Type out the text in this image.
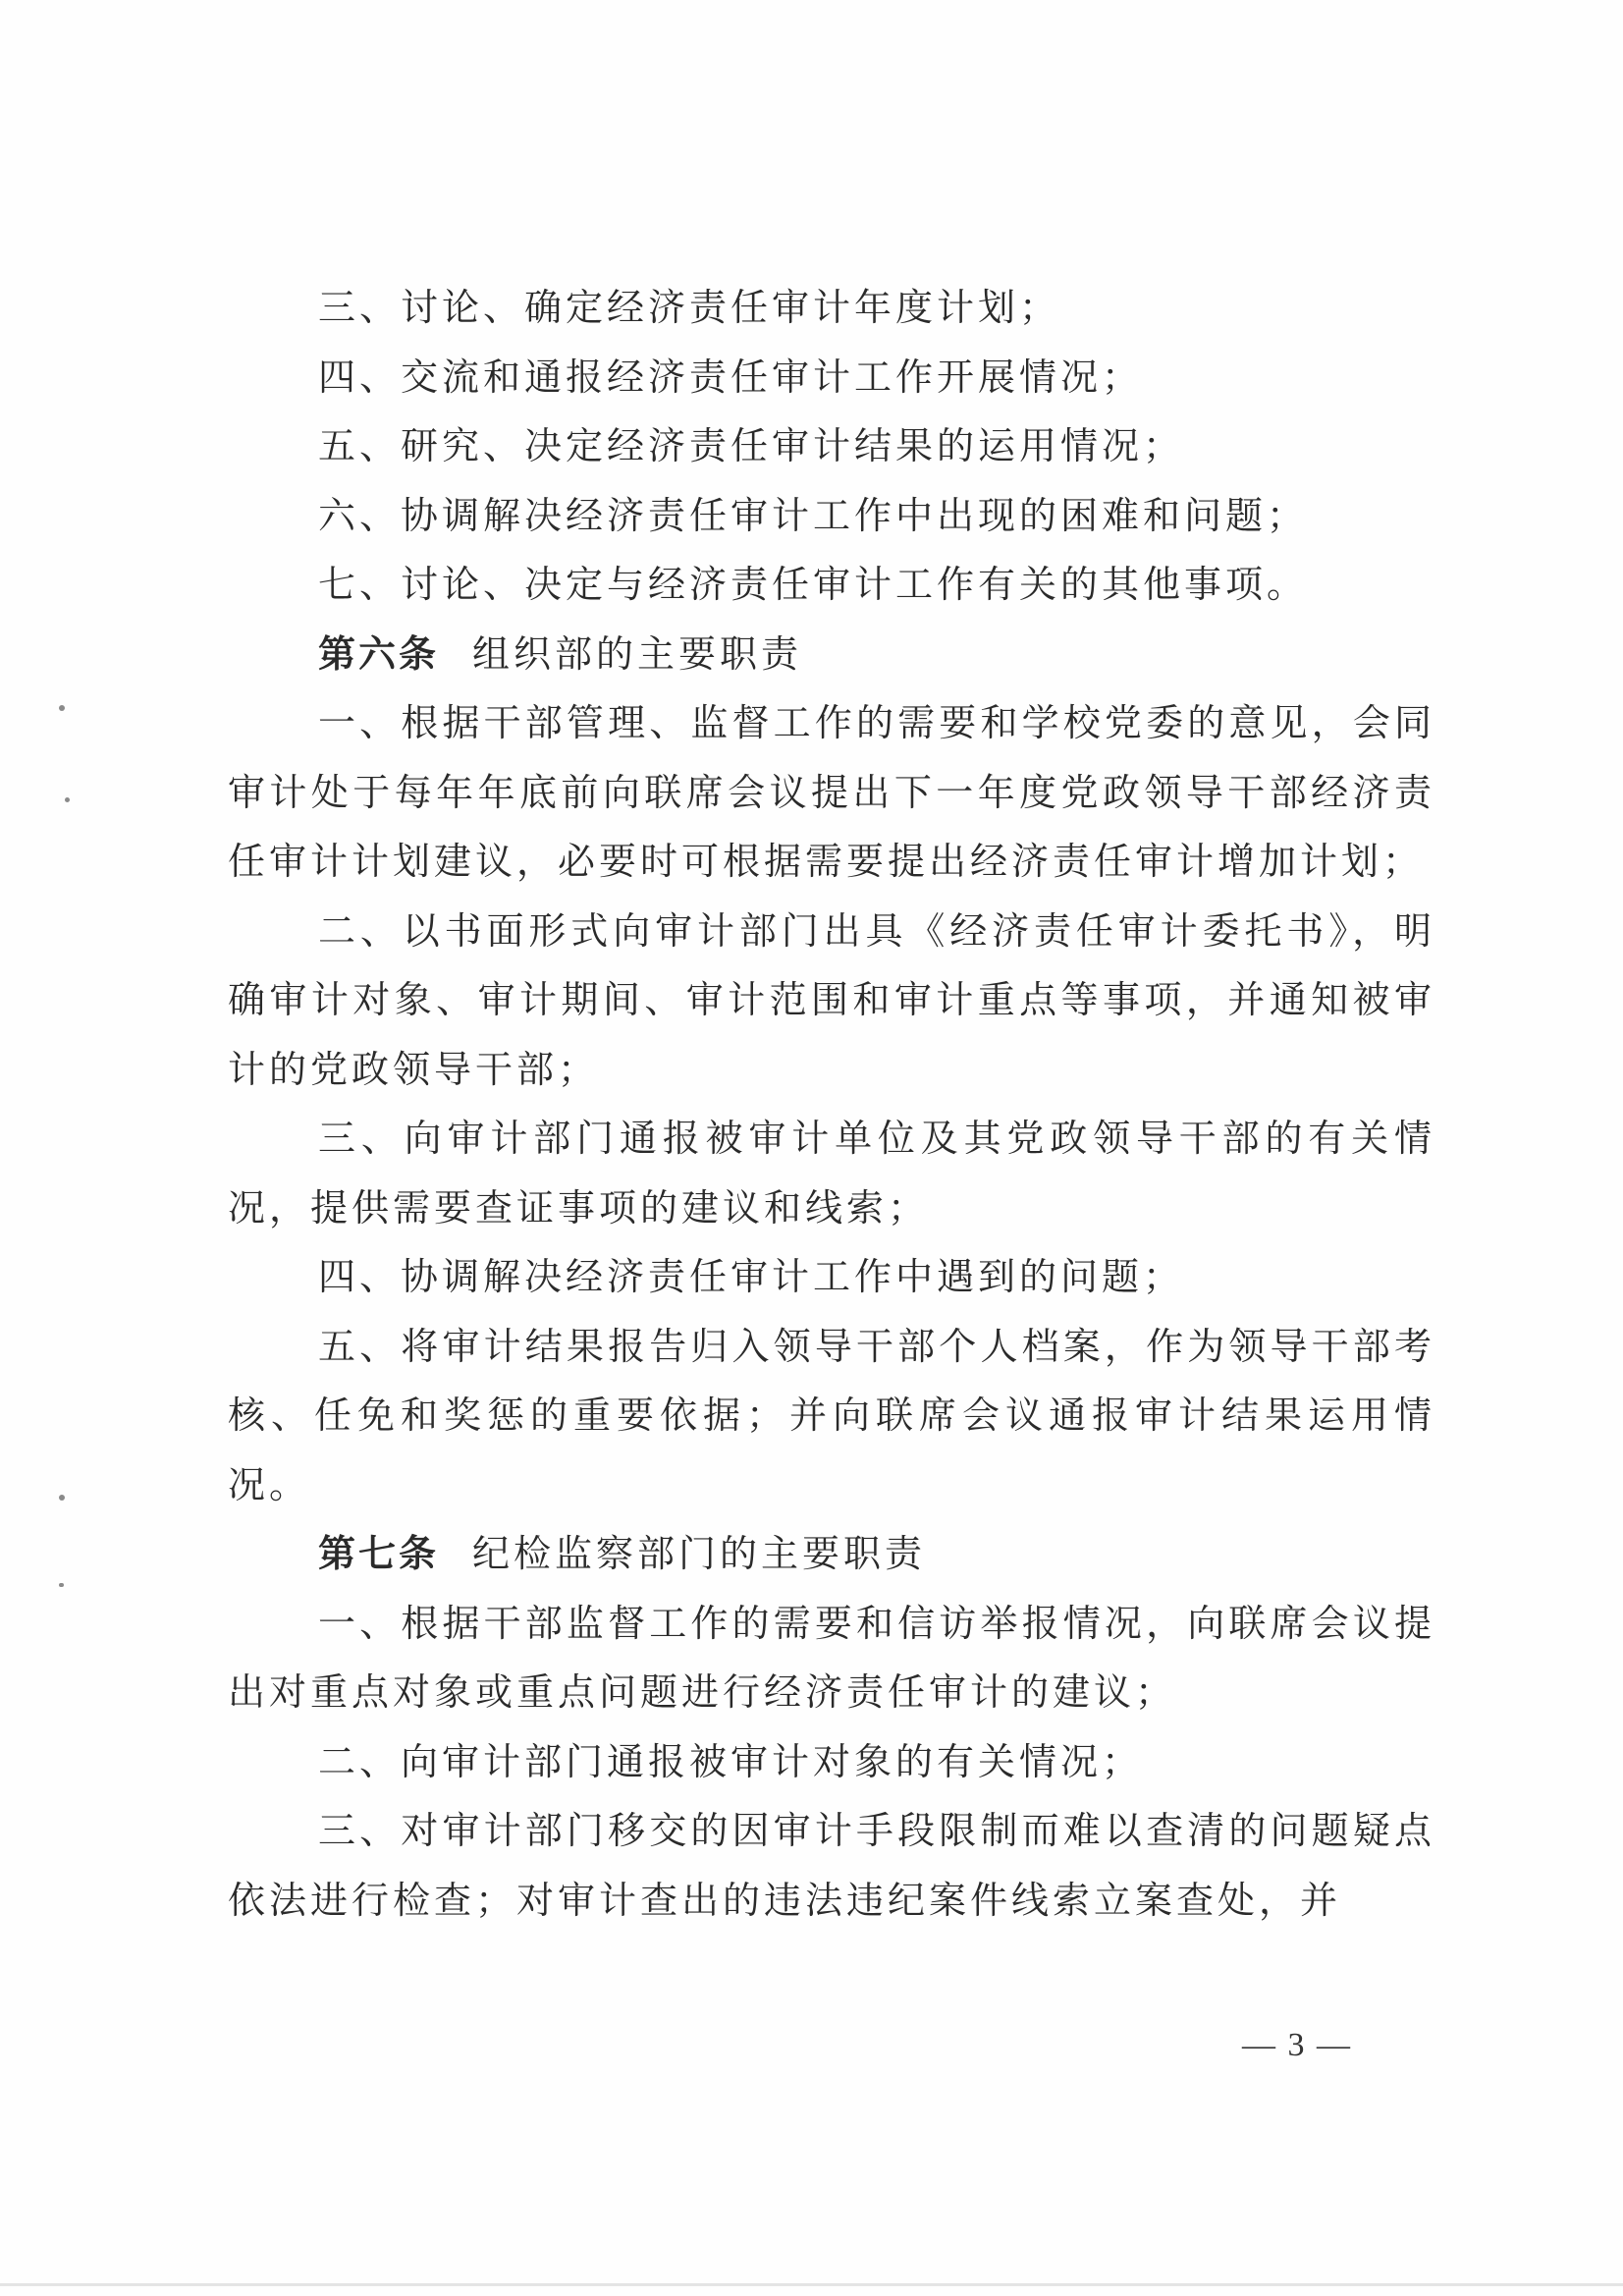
三、讨论、确定经济责任审计年度计划；

四、交流和通报经济责任审计工作开展情况；

五、研究、决定经济责任审计结果的运用情况；

六、协调解决经济责任审计工作中出现的困难和问题；

七、讨论、决定与经济责任审计工作有关的其他事项。

第六条 组织部的主要职责

一、根据干部管理、监督工作的需要和学校党委的意见，会同审计处于每年年底前向联席会议提出下一年度党政领导干部经济责任审计计划建议，必要时可根据需要提出经济责任审计增加计划；

二、以书面形式向审计部门出具《经济责任审计委托书》，明确审计对象、审计期间、审计范围和审计重点等事项，并通知被审计的党政领导干部；

三、向审计部门通报被审计单位及其党政领导干部的有关情况，提供需要查证事项的建议和线索；

四、协调解决经济责任审计工作中遇到的问题；

五、将审计结果报告归入领导干部个人档案，作为领导干部考核、任免和奖惩的重要依据；并向联席会议通报审计结果运用情况。

第七条 纪检监察部门的主要职责

一、根据干部监督工作的需要和信访举报情况，向联席会议提出对重点对象或重点问题进行经济责任审计的建议；

二、向审计部门通报被审计对象的有关情况；

三、对审计部门移交的因审计手段限制而难以查清的问题疑点依法进行检查；对审计查出的违法违纪案件线索立案查处，并

— 3 —
